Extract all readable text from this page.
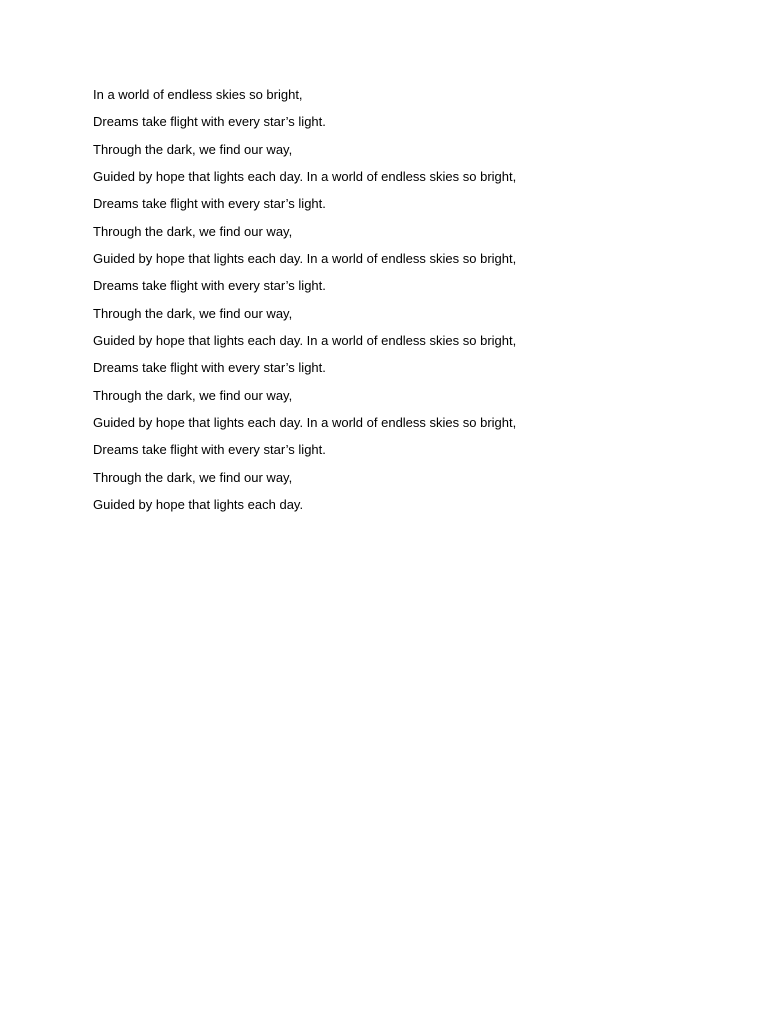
In a world of endless skies so bright,

Dreams take flight with every star’s light.

Through the dark, we find our way,

Guided by hope that lights each day. In a world of endless skies so bright,

Dreams take flight with every star’s light.

Through the dark, we find our way,

Guided by hope that lights each day. In a world of endless skies so bright,

Dreams take flight with every star’s light.

Through the dark, we find our way,

Guided by hope that lights each day. In a world of endless skies so bright,

Dreams take flight with every star’s light.

Through the dark, we find our way,

Guided by hope that lights each day. In a world of endless skies so bright,

Dreams take flight with every star’s light.

Through the dark, we find our way,

Guided by hope that lights each day.
